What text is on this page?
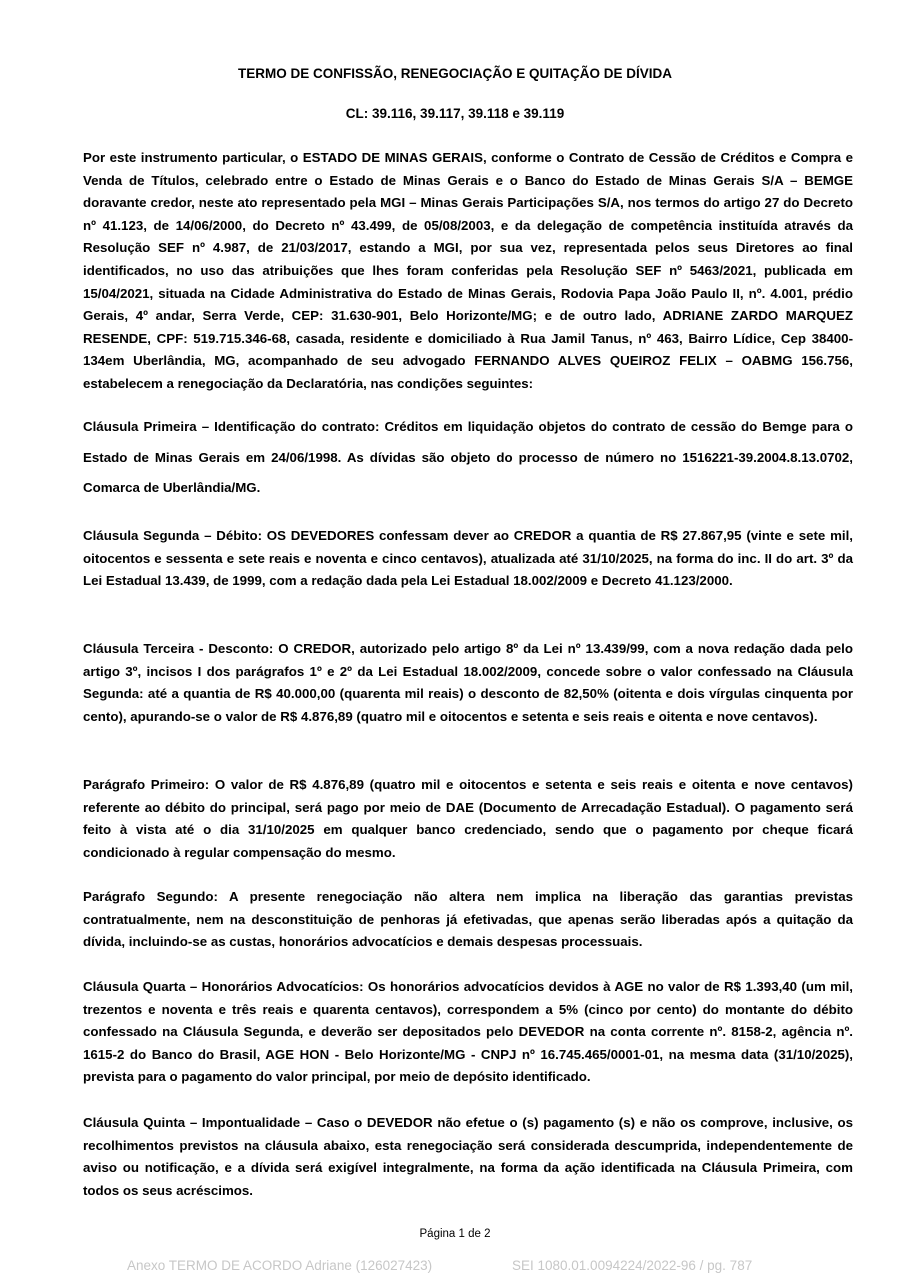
TERMO DE CONFISSÃO, RENEGOCIAÇÃO E QUITAÇÃO DE DÍVIDA
CL: 39.116, 39.117, 39.118 e 39.119
Por este instrumento particular, o ESTADO DE MINAS GERAIS, conforme o Contrato de Cessão de Créditos e Compra e Venda de Títulos, celebrado entre o Estado de Minas Gerais e o Banco do Estado de Minas Gerais S/A – BEMGE doravante credor, neste ato representado pela MGI – Minas Gerais Participações S/A, nos termos do artigo 27 do Decreto nº 41.123, de 14/06/2000, do Decreto nº 43.499, de 05/08/2003, e da delegação de competência instituída através da Resolução SEF nº 4.987, de 21/03/2017, estando a MGI, por sua vez, representada pelos seus Diretores ao final identificados, no uso das atribuições que lhes foram conferidas pela Resolução SEF nº 5463/2021, publicada em 15/04/2021, situada na Cidade Administrativa do Estado de Minas Gerais, Rodovia Papa João Paulo II, nº. 4.001, prédio Gerais, 4º andar, Serra Verde, CEP: 31.630-901, Belo Horizonte/MG; e de outro lado, ADRIANE ZARDO MARQUEZ RESENDE, CPF: 519.715.346-68, casada, residente e domiciliado à Rua Jamil Tanus, nº 463, Bairro Lídice, Cep 38400-134em Uberlândia, MG, acompanhado de seu advogado FERNANDO ALVES QUEIROZ FELIX – OABMG 156.756, estabelecem a renegociação da Declaratória, nas condições seguintes:
Cláusula Primeira – Identificação do contrato: Créditos em liquidação objetos do contrato de cessão do Bemge para o Estado de Minas Gerais em 24/06/1998. As dívidas são objeto do processo de número no 1516221-39.2004.8.13.0702, Comarca de Uberlândia/MG.
Cláusula Segunda – Débito: OS DEVEDORES confessam dever ao CREDOR a quantia de R$ 27.867,95 (vinte e sete mil, oitocentos e sessenta e sete reais e noventa e cinco centavos), atualizada até 31/10/2025, na forma do inc. II do art. 3º da Lei Estadual 13.439, de 1999, com a redação dada pela Lei Estadual 18.002/2009 e Decreto 41.123/2000.
Cláusula Terceira - Desconto: O CREDOR, autorizado pelo artigo 8º da Lei nº 13.439/99, com a nova redação dada pelo artigo 3º, incisos I dos parágrafos 1º e 2º da Lei Estadual 18.002/2009, concede sobre o valor confessado na Cláusula Segunda: até a quantia de R$ 40.000,00 (quarenta mil reais) o desconto de 82,50% (oitenta e dois vírgulas cinquenta por cento), apurando-se o valor de R$ 4.876,89 (quatro mil e oitocentos e setenta e seis reais e oitenta e nove centavos).
Parágrafo Primeiro: O valor de R$ 4.876,89 (quatro mil e oitocentos e setenta e seis reais e oitenta e nove centavos) referente ao débito do principal, será pago por meio de DAE (Documento de Arrecadação Estadual). O pagamento será feito à vista até o dia 31/10/2025 em qualquer banco credenciado, sendo que o pagamento por cheque ficará condicionado à regular compensação do mesmo.
Parágrafo Segundo: A presente renegociação não altera nem implica na liberação das garantias previstas contratualmente, nem na desconstituição de penhoras já efetivadas, que apenas serão liberadas após a quitação da dívida, incluindo-se as custas, honorários advocatícios e demais despesas processuais.
Cláusula Quarta – Honorários Advocatícios: Os honorários advocatícios devidos à AGE no valor de R$ 1.393,40 (um mil, trezentos e noventa e três reais e quarenta centavos), correspondem a 5% (cinco por cento) do montante do débito confessado na Cláusula Segunda, e deverão ser depositados pelo DEVEDOR na conta corrente nº. 8158-2, agência nº. 1615-2 do Banco do Brasil, AGE HON - Belo Horizonte/MG - CNPJ nº 16.745.465/0001-01, na mesma data (31/10/2025), prevista para o pagamento do valor principal, por meio de depósito identificado.
Cláusula Quinta – Impontualidade – Caso o DEVEDOR não efetue o (s) pagamento (s) e não os comprove, inclusive, os recolhimentos previstos na cláusula abaixo, esta renegociação será considerada descumprida, independentemente de aviso ou notificação, e a dívida será exigível integralmente, na forma da ação identificada na Cláusula Primeira, com todos os seus acréscimos.
Página 1 de 2
Anexo TERMO DE ACORDO Adriane (126027423)	SEI 1080.01.0094224/2022-96 / pg. 787
